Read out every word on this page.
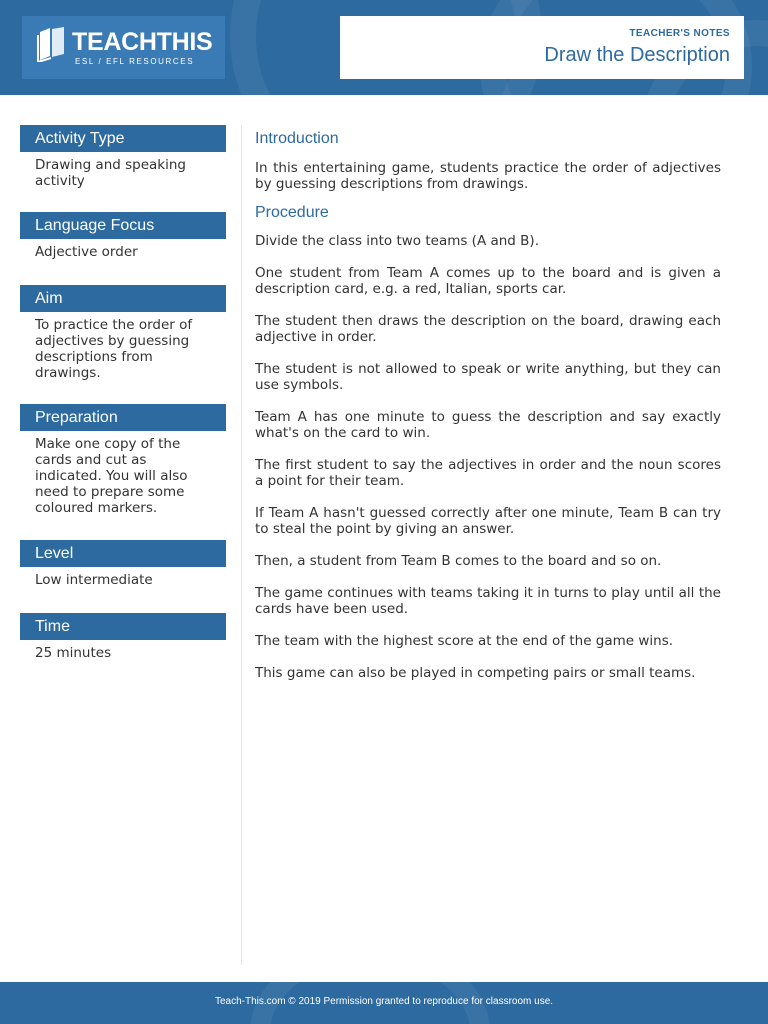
TEACHTHIS
ESL / EFL RESOURCES
TEACHER'S NOTES
Draw the Description
Activity Type
Drawing and speaking activity
Language Focus
Adjective order
Aim
To practice the order of adjectives by guessing descriptions from drawings.
Preparation
Make one copy of the cards and cut as indicated. You will also need to prepare some coloured markers.
Level
Low intermediate
Time
25 minutes
Introduction

In this entertaining game, students practice the order of adjectives by guessing descriptions from drawings.

Procedure

Divide the class into two teams (A and B).

One student from Team A comes up to the board and is given a description card, e.g. a red, Italian, sports car.

The student then draws the description on the board, drawing each adjective in order.

The student is not allowed to speak or write anything, but they can use symbols.

Team A has one minute to guess the description and say exactly what's on the card to win.

The first student to say the adjectives in order and the noun scores a point for their team.

If Team A hasn't guessed correctly after one minute, Team B can try to steal the point by giving an answer.

Then, a student from Team B comes to the board and so on.

The game continues with teams taking it in turns to play until all the cards have been used.

The team with the highest score at the end of the game wins.

This game can also be played in competing pairs or small teams.

Teach-This.com © 2019 Permission granted to reproduce for classroom use.
